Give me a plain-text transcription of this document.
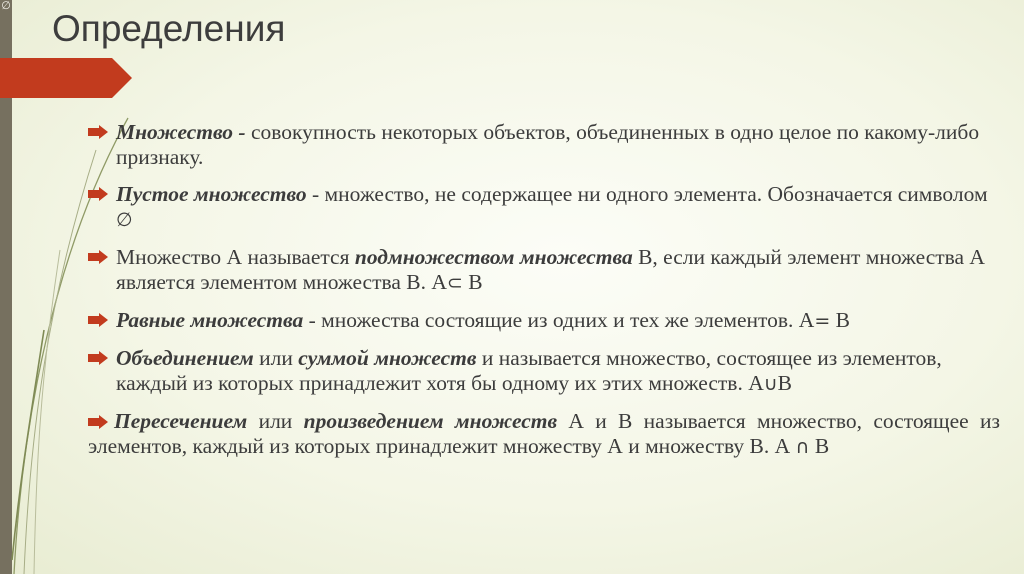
∅
Определения
Множество - совокупность некоторых объектов, объединенных в одно целое по какому-либо признаку.
Пустое множество - множество, не содержащее ни одного элемента. Обозначается символом ∅
Множество А называется подмножеством множества В, если каждый элемент множества А является элементом множества В. А⊂ В
Равные множества - множества состоящие из одних и тех же элементов. А= В
Объединением или суммой множеств и называется множество, состоящее из элементов, каждый из которых принадлежит хотя бы одному их этих множеств. А∪В
Пересечением или произведением множеств А и В называется множество, состоящее из элементов, каждый из которых принадлежит множеству А и множеству В. А ∩ В
